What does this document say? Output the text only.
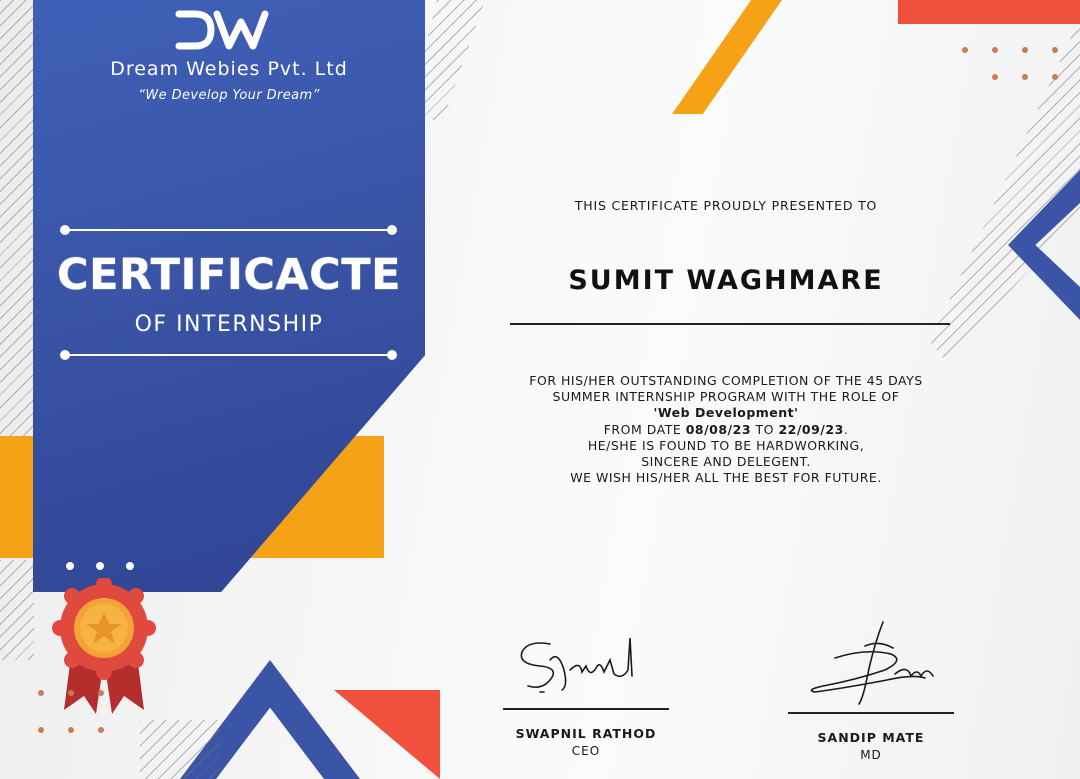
Dream Webies Pvt. Ltd
“We Develop Your Dream”
CERTIFICACTE
OF INTERNSHIP
THIS CERTIFICATE PROUDLY PRESENTED TO
SUMIT WAGHMARE
FOR HIS/HER OUTSTANDING COMPLETION OF THE 45 DAYS
SUMMER INTERNSHIP PROGRAM WITH THE ROLE OF
'Web Development'
FROM DATE 08/08/23 TO 22/09/23.
HE/SHE IS FOUND TO BE HARDWORKING,
SINCERE AND DELEGENT.
WE WISH HIS/HER ALL THE BEST FOR FUTURE.
SWAPNIL RATHOD
CEO
SANDIP MATE
MD
